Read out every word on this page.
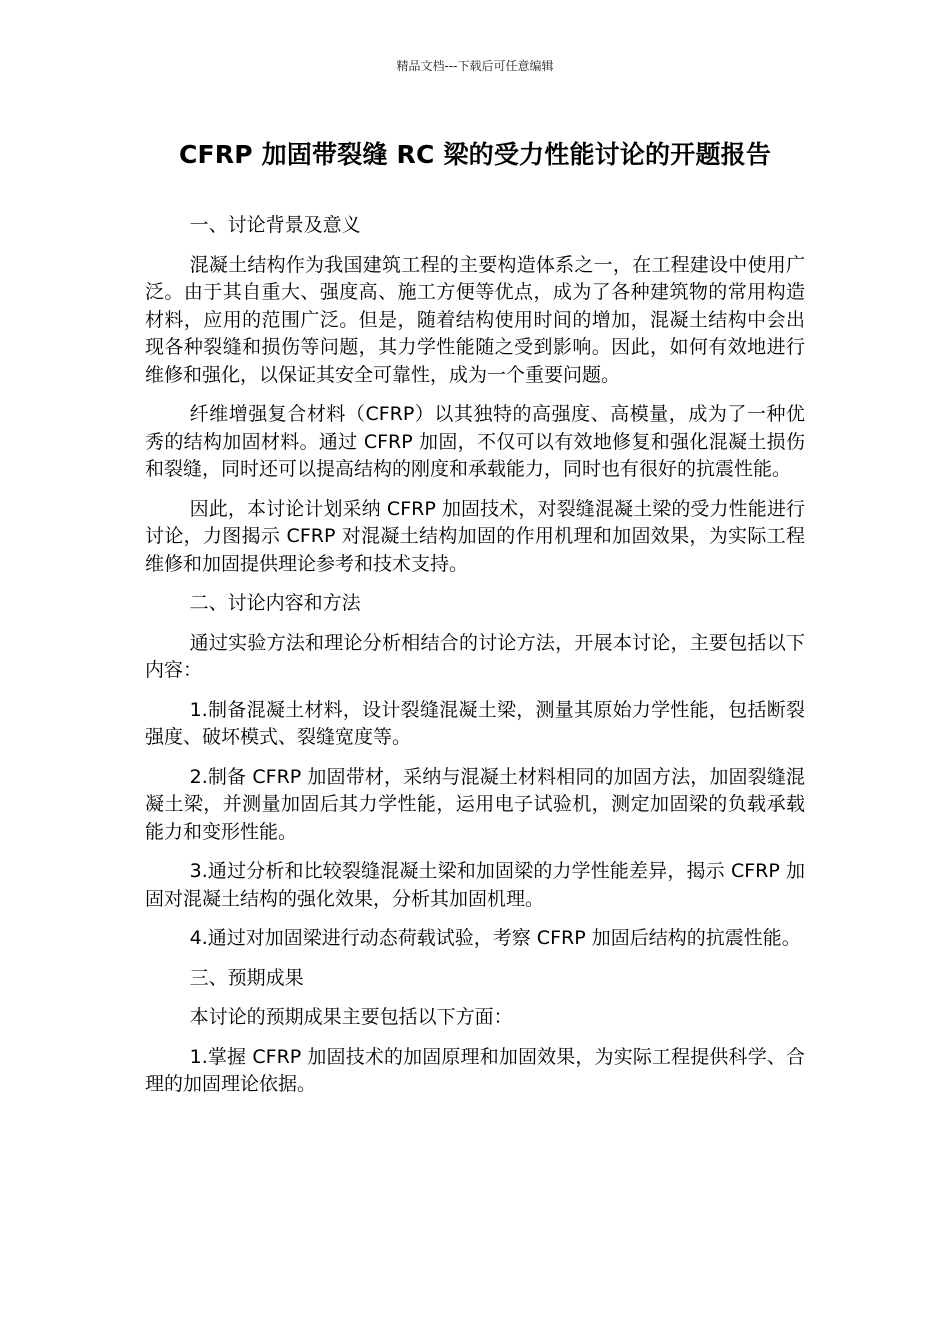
精品文档---下载后可任意编辑
CFRP 加固带裂缝 RC 梁的受力性能讨论的开题报告

一、讨论背景及意义

混凝土结构作为我国建筑工程的主要构造体系之一，在工程建设中使用广泛。由于其自重大、强度高、施工方便等优点，成为了各种建筑物的常用构造材料，应用的范围广泛。但是，随着结构使用时间的增加，混凝土结构中会出现各种裂缝和损伤等问题，其力学性能随之受到影响。因此，如何有效地进行维修和强化，以保证其安全可靠性，成为一个重要问题。

纤维增强复合材料（CFRP）以其独特的高强度、高模量，成为了一种优秀的结构加固材料。通过 CFRP 加固，不仅可以有效地修复和强化混凝土损伤和裂缝，同时还可以提高结构的刚度和承载能力，同时也有很好的抗震性能。

因此，本讨论计划采纳 CFRP 加固技术，对裂缝混凝土梁的受力性能进行讨论，力图揭示 CFRP 对混凝土结构加固的作用机理和加固效果，为实际工程维修和加固提供理论参考和技术支持。

二、讨论内容和方法

通过实验方法和理论分析相结合的讨论方法，开展本讨论，主要包括以下内容：

1.制备混凝土材料，设计裂缝混凝土梁，测量其原始力学性能，包括断裂强度、破坏模式、裂缝宽度等。

2.制备 CFRP 加固带材，采纳与混凝土材料相同的加固方法，加固裂缝混凝土梁，并测量加固后其力学性能，运用电子试验机，测定加固梁的负载承载能力和变形性能。

3.通过分析和比较裂缝混凝土梁和加固梁的力学性能差异，揭示 CFRP 加固对混凝土结构的强化效果，分析其加固机理。

4.通过对加固梁进行动态荷载试验，考察 CFRP 加固后结构的抗震性能。

三、预期成果

本讨论的预期成果主要包括以下方面：

1.掌握 CFRP 加固技术的加固原理和加固效果，为实际工程提供科学、合理的加固理论依据。
